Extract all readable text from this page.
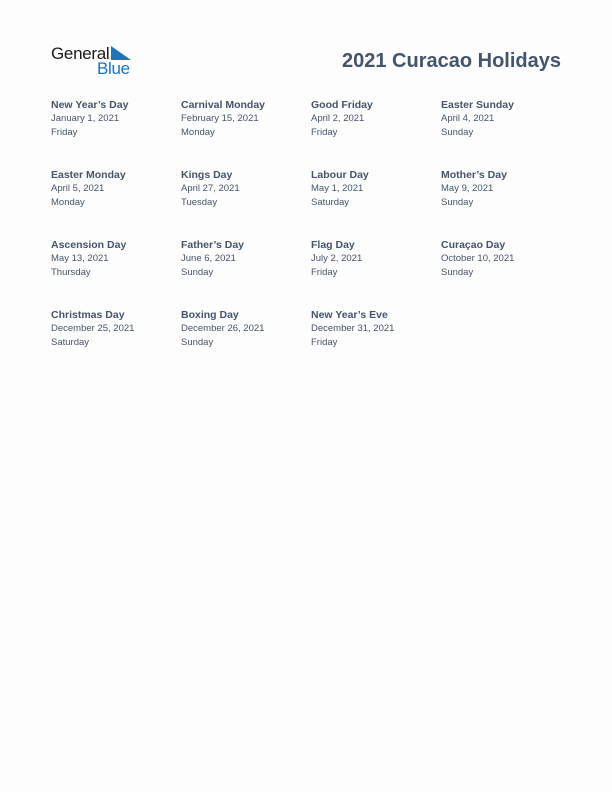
General
Blue	2021 Curacao Holidays
New Year’s Day
January 1, 2021
Friday
Carnival Monday
February 15, 2021
Monday
Good Friday
April 2, 2021
Friday
Easter Sunday
April 4, 2021
Sunday
Easter Monday
April 5, 2021
Monday
Kings Day
April 27, 2021
Tuesday
Labour Day
May 1, 2021
Saturday
Mother’s Day
May 9, 2021
Sunday
Ascension Day
May 13, 2021
Thursday
Father’s Day
June 6, 2021
Sunday
Flag Day
July 2, 2021
Friday
Curaçao Day
October 10, 2021
Sunday
Christmas Day
December 25, 2021
Saturday
Boxing Day
December 26, 2021
Sunday
New Year’s Eve
December 31, 2021
Friday
